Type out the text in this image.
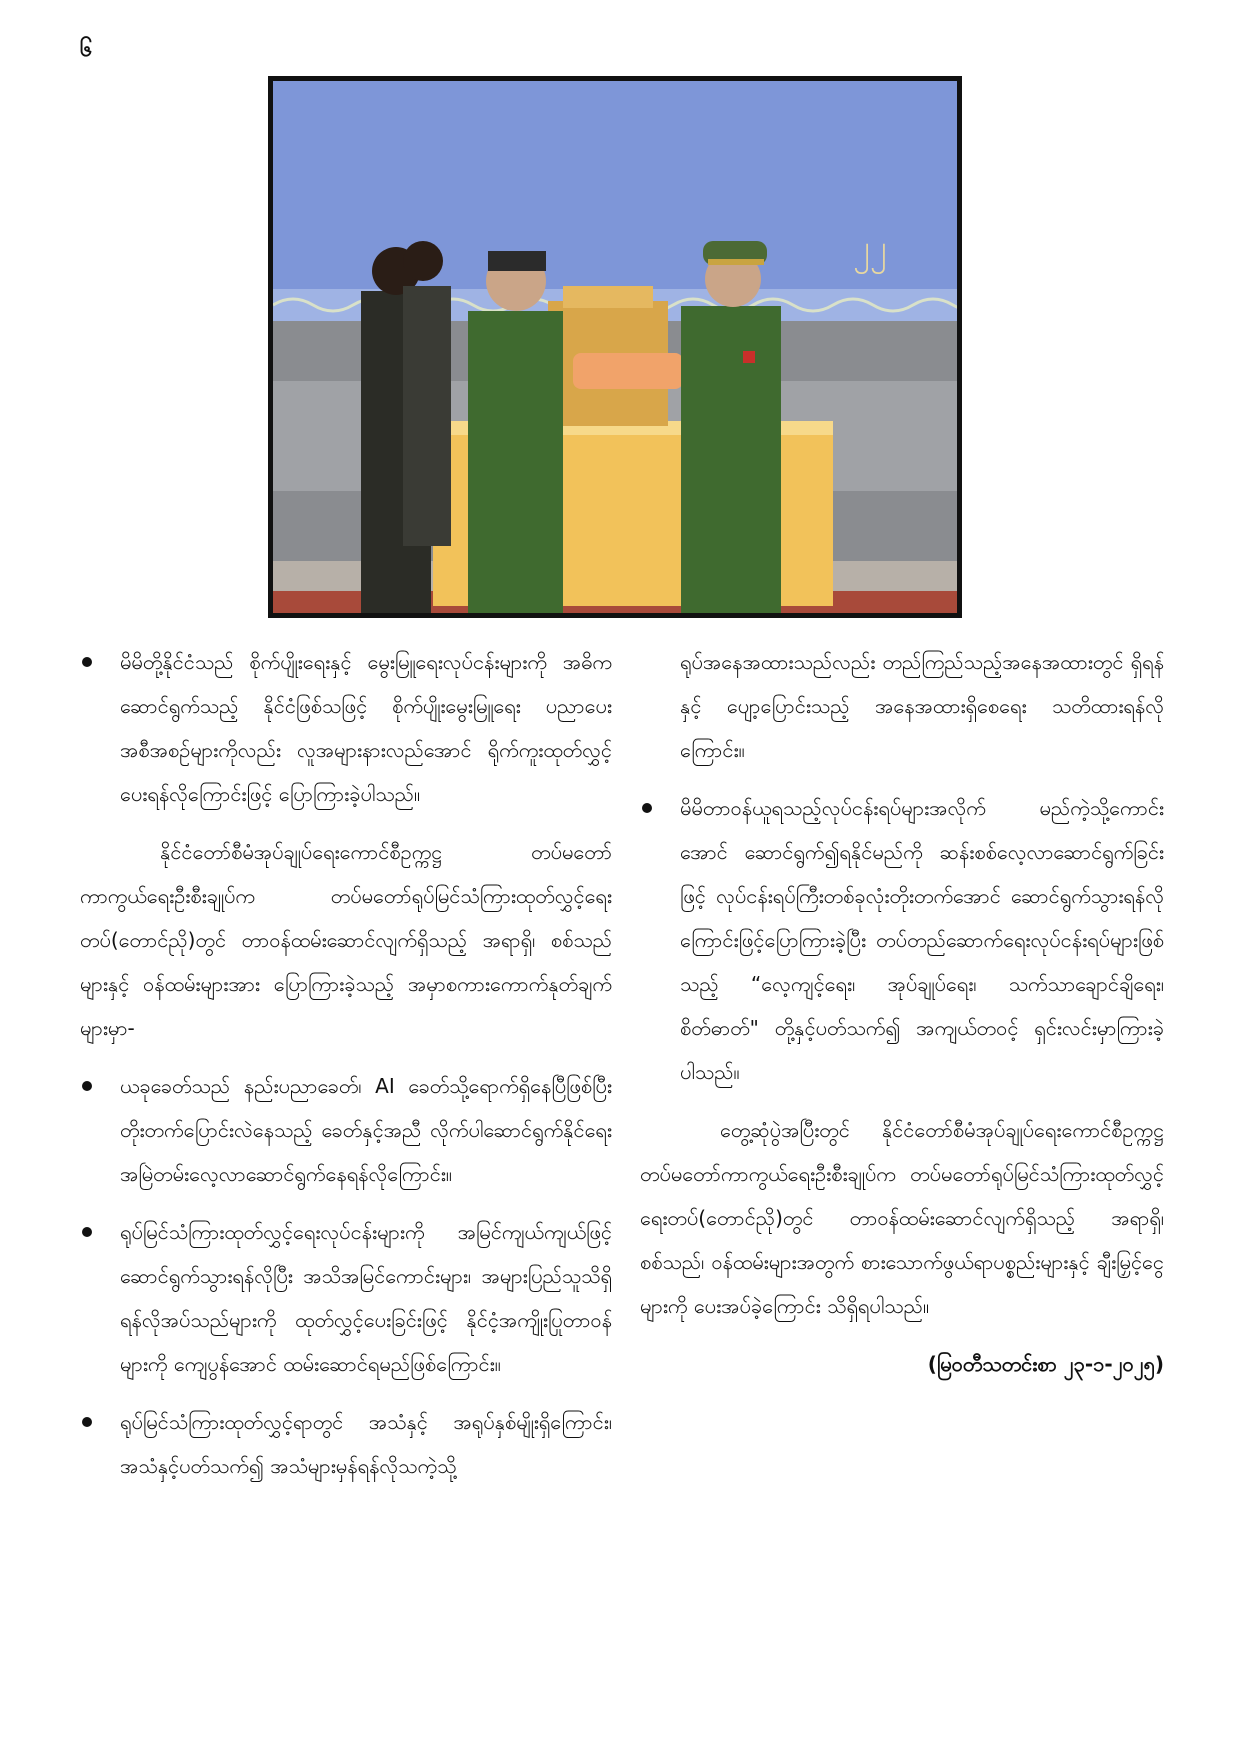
၆
၂၂
မိမိတို့နိုင်ငံသည် စိုက်ပျိုးရေးနှင့် မွေးမြူရေးလုပ်ငန်းများကို အဓိကဆောင်ရွက်သည့် နိုင်ငံဖြစ်သဖြင့် စိုက်ပျိုးမွေးမြူရေး ပညာပေးအစီအစဉ်များကိုလည်း လူအများနားလည်အောင် ရိုက်ကူးထုတ်လွှင့်ပေးရန်လိုကြောင်းဖြင့် ပြောကြားခဲ့ပါသည်။

နိုင်ငံတော်စီမံအုပ်ချုပ်ရေးကောင်စီဥက္ကဋ္ဌ တပ်မတော်ကာကွယ်ရေးဦးစီးချုပ်က တပ်မတော်ရုပ်မြင်သံကြားထုတ်လွှင့်ရေးတပ်(တောင်ညို)တွင် တာဝန်ထမ်းဆောင်လျက်ရှိသည့် အရာရှိ၊ စစ်သည်များနှင့် ဝန်ထမ်းများအား ပြောကြားခဲ့သည့် အမှာစကားကောက်နုတ်ချက်များမှာ-

ယခုခေတ်သည် နည်းပညာခေတ်၊ AI ခေတ်သို့ရောက်ရှိနေပြီဖြစ်ပြီး တိုးတက်ပြောင်းလဲနေသည့် ခေတ်နှင့်အညီ လိုက်ပါဆောင်ရွက်နိုင်ရေး အမြဲတမ်းလေ့လာဆောင်ရွက်နေရန်လိုကြောင်း။
ရုပ်မြင်သံကြားထုတ်လွှင့်ရေးလုပ်ငန်းများကို အမြင်ကျယ်ကျယ်ဖြင့် ဆောင်ရွက်သွားရန်လိုပြီး အသိအမြင်ကောင်းများ၊ အများပြည်သူသိရှိရန်လိုအပ်သည်များကို ထုတ်လွှင့်ပေးခြင်းဖြင့် နိုင်ငံ့အကျိုးပြုတာဝန်များကို ကျေပွန်အောင် ထမ်းဆောင်ရမည်ဖြစ်ကြောင်း။
ရုပ်မြင်သံကြားထုတ်လွှင့်ရာတွင် အသံနှင့် အရုပ်နှစ်မျိုးရှိကြောင်း၊ အသံနှင့်ပတ်သက်၍ အသံများမှန်ရန်လိုသကဲ့သို့

ရုပ်အနေအထားသည်လည်း တည်ကြည်သည့်အနေအထားတွင် ရှိရန်နှင့် ပျော့ပြောင်းသည့် အနေအထားရှိစေရေး သတိထားရန်လိုကြောင်း။

မိမိတာဝန်ယူရသည့်လုပ်ငန်းရပ်များအလိုက် မည်ကဲ့သို့ကောင်းအောင် ဆောင်ရွက်၍ရနိုင်မည်ကို ဆန်းစစ်လေ့လာဆောင်ရွက်ခြင်းဖြင့် လုပ်ငန်းရပ်ကြီးတစ်ခုလုံးတိုးတက်အောင် ဆောင်ရွက်သွားရန်လိုကြောင်းဖြင့်ပြောကြားခဲ့ပြီး တပ်တည်ဆောက်ရေးလုပ်ငန်းရပ်များဖြစ်သည့် “လေ့ကျင့်ရေး၊ အုပ်ချုပ်ရေး၊ သက်သာချောင်ချိရေး၊ စိတ်ဓာတ်" တို့နှင့်ပတ်သက်၍ အကျယ်တဝင့် ရှင်းလင်းမှာကြားခဲ့ပါသည်။

တွေ့ဆုံပွဲအပြီးတွင် နိုင်ငံတော်စီမံအုပ်ချုပ်ရေးကောင်စီဥက္ကဋ္ဌ တပ်မတော်ကာကွယ်ရေးဦးစီးချုပ်က တပ်မတော်ရုပ်မြင်သံကြားထုတ်လွှင့်ရေးတပ်(တောင်ညို)တွင် တာဝန်ထမ်းဆောင်လျက်ရှိသည့် အရာရှိ၊ စစ်သည်၊ ဝန်ထမ်းများအတွက် စားသောက်ဖွယ်ရာပစ္စည်းများနှင့် ချီးမြှင့်ငွေများကို ပေးအပ်ခဲ့ကြောင်း သိရှိရပါသည်။

(မြဝတီသတင်းစာ ၂၃-၁-၂၀၂၅)
